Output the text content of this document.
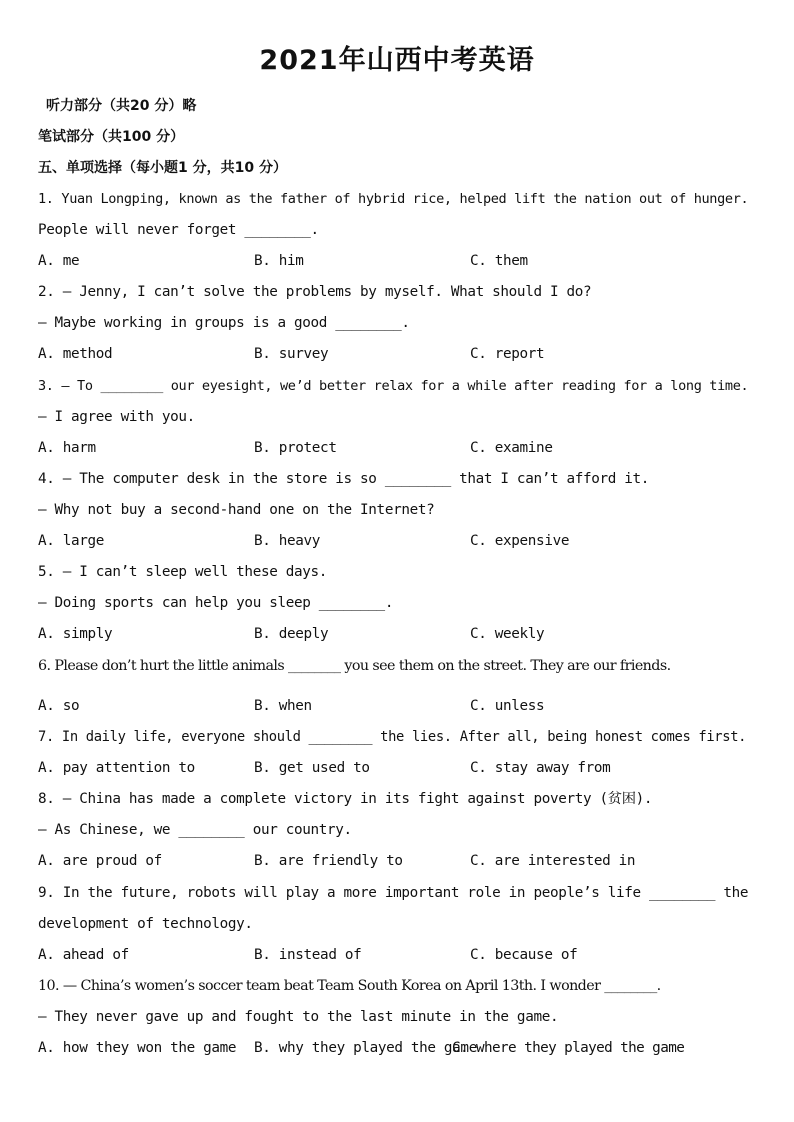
2021年山西中考英语
听力部分（共20 分）略
笔试部分（共100 分）
五、单项选择（每小题1 分，共10 分）
1. Yuan Longping, known as the father of hybrid rice, helped lift the nation out of hunger.
People will never forget ________.
A. me	B. him	C. them
2. — Jenny, I can’t solve the problems by myself. What should I do?
— Maybe working in groups is a good ________.
A. method	B. survey	C. report
3. — To ________ our eyesight, we’d better relax for a while after reading for a long time.
— I agree with you.
A. harm	B. protect	C. examine
4. — The computer desk in the store is so ________ that I can’t afford it.
— Why not buy a second-hand one on the Internet?
A. large	B. heavy	C. expensive
5. — I can’t sleep well these days.
— Doing sports can help you sleep ________.
A. simply	B. deeply	C. weekly
6. Please don’t hurt the little animals ________ you see them on the street. They are our friends.
A. so	B. when	C. unless
7. In daily life, everyone should ________ the lies. After all, being honest comes first.
A. pay attention to	B. get used to	C. stay away from
8. — China has made a complete victory in its fight against poverty (贫困).
— As Chinese, we ________ our country.
A. are proud of	B. are friendly to	C. are interested in
9. In the future, robots will play a more important role in people’s life ________ the
development of technology.
A. ahead of	B. instead of	C. because of
10. — China’s women’s soccer team beat Team South Korea on April 13th. I wonder ________.
— They never gave up and fought to the last minute in the game.
A. how they won the game B. why they played the game
C. where they played the game
